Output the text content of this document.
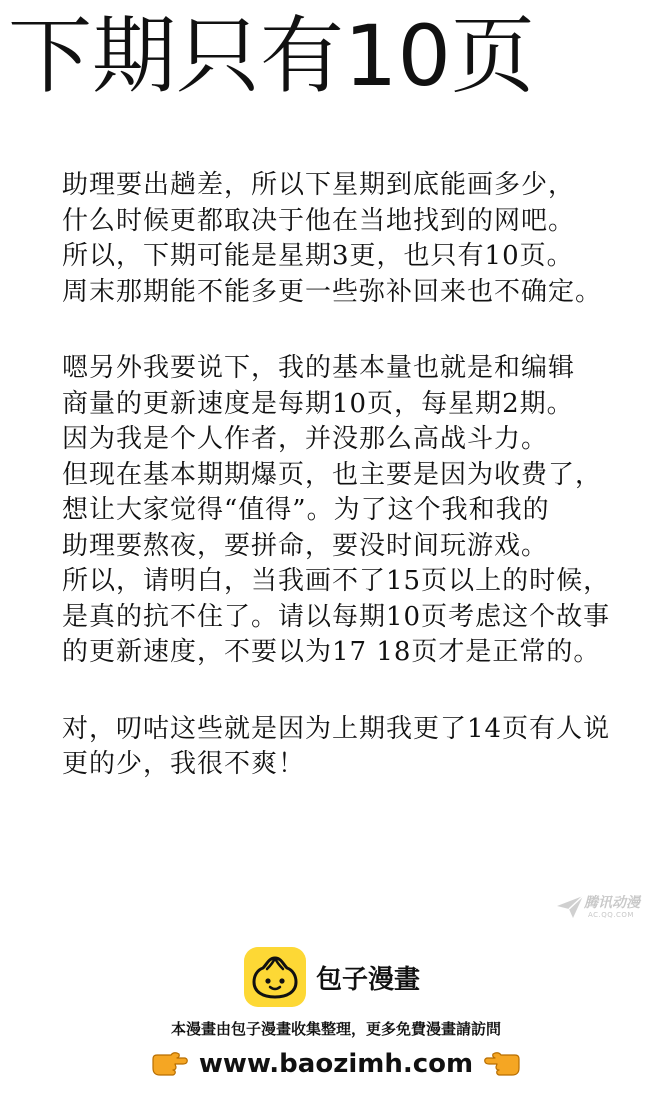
下期只有10页

助理要出趟差，所以下星期到底能画多少，
什么时候更都取决于他在当地找到的网吧。
所以，下期可能是星期3更，也只有10页。
周末那期能不能多更一些弥补回来也不确定。

嗯另外我要说下，我的基本量也就是和编辑
商量的更新速度是每期10页，每星期2期。
因为我是个人作者，并没那么高战斗力。
但现在基本期期爆页，也主要是因为收费了，
想让大家觉得“值得”。为了这个我和我的
助理要熬夜，要拼命，要没时间玩游戏。
所以，请明白，当我画不了15页以上的时候，
是真的抗不住了。请以每期10页考虑这个故事
的更新速度，不要以为17 18页才是正常的。

对，叨咕这些就是因为上期我更了14页有人说
更的少，我很不爽！

腾讯动漫
AC.QQ.COM
包子漫畫
本漫畫由包子漫畫收集整理，更多免費漫畫請訪問
www.baozimh.com
